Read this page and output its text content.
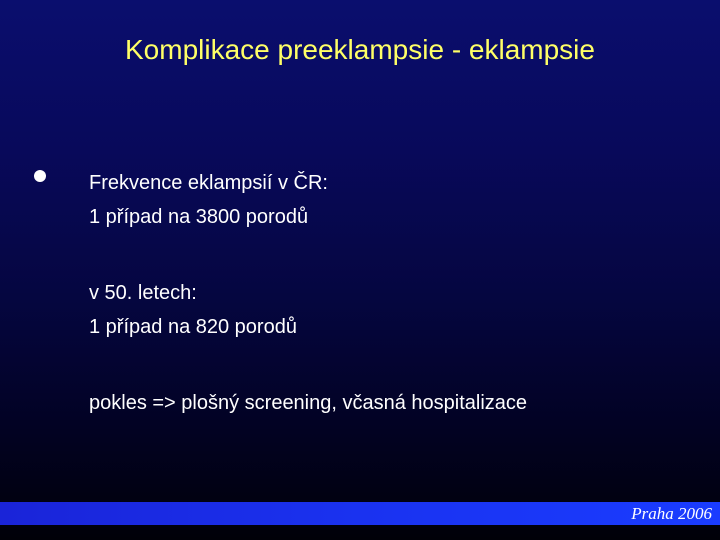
Komplikace preeklampsie - eklampsie
Frekvence eklampsií v ČR:
1 případ na 3800 porodů
v 50. letech:
1 případ na 820 porodů
pokles => plošný screening, včasná hospitalizace
Praha 2006
